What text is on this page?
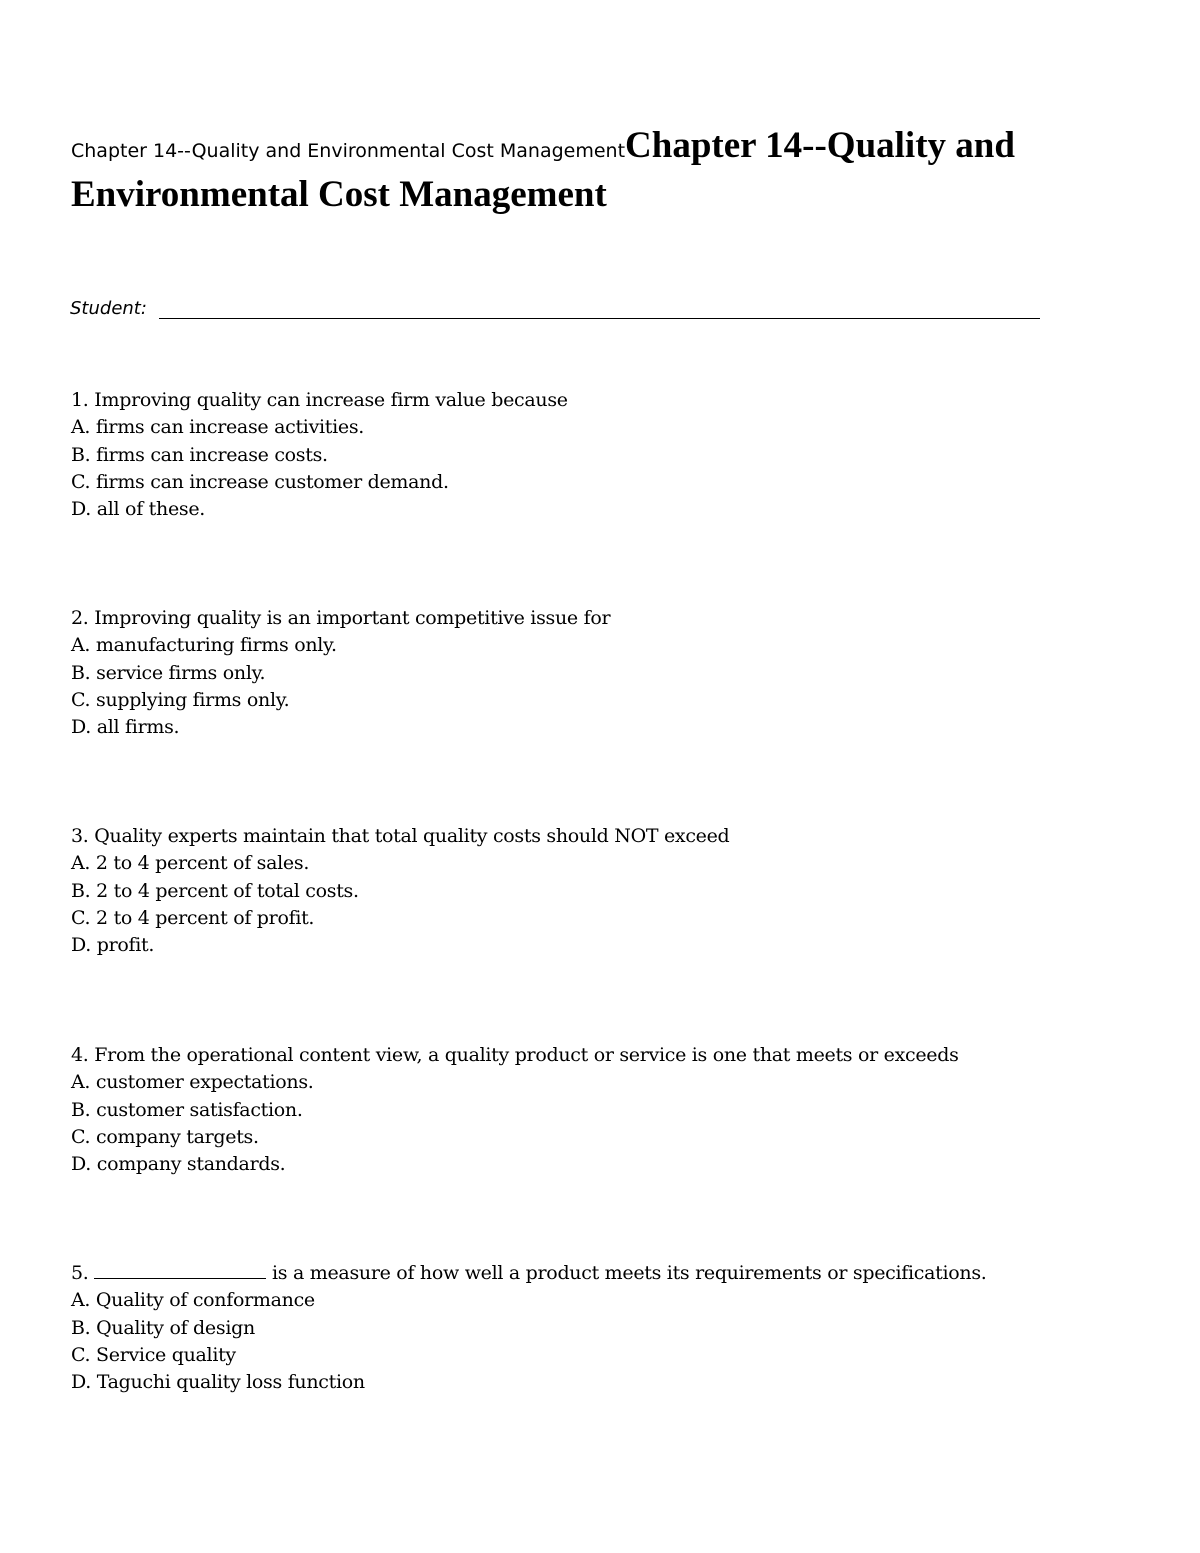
Chapter 14--Quality and Environmental Cost ManagementChapter 14--Quality and Environmental Cost Management
Student:
1. Improving quality can increase firm value because
A. firms can increase activities.
B. firms can increase costs.
C. firms can increase customer demand.
D. all of these.
2. Improving quality is an important competitive issue for
A. manufacturing firms only.
B. service firms only.
C. supplying firms only.
D. all firms.
3. Quality experts maintain that total quality costs should NOT exceed
A. 2 to 4 percent of sales.
B. 2 to 4 percent of total costs.
C. 2 to 4 percent of profit.
D. profit.
4. From the operational content view, a quality product or service is one that meets or exceeds
A. customer expectations.
B. customer satisfaction.
C. company targets.
D. company standards.
5.	is a measure of how well a product meets its requirements or specifications.
A. Quality of conformance
B. Quality of design
C. Service quality
D. Taguchi quality loss function
